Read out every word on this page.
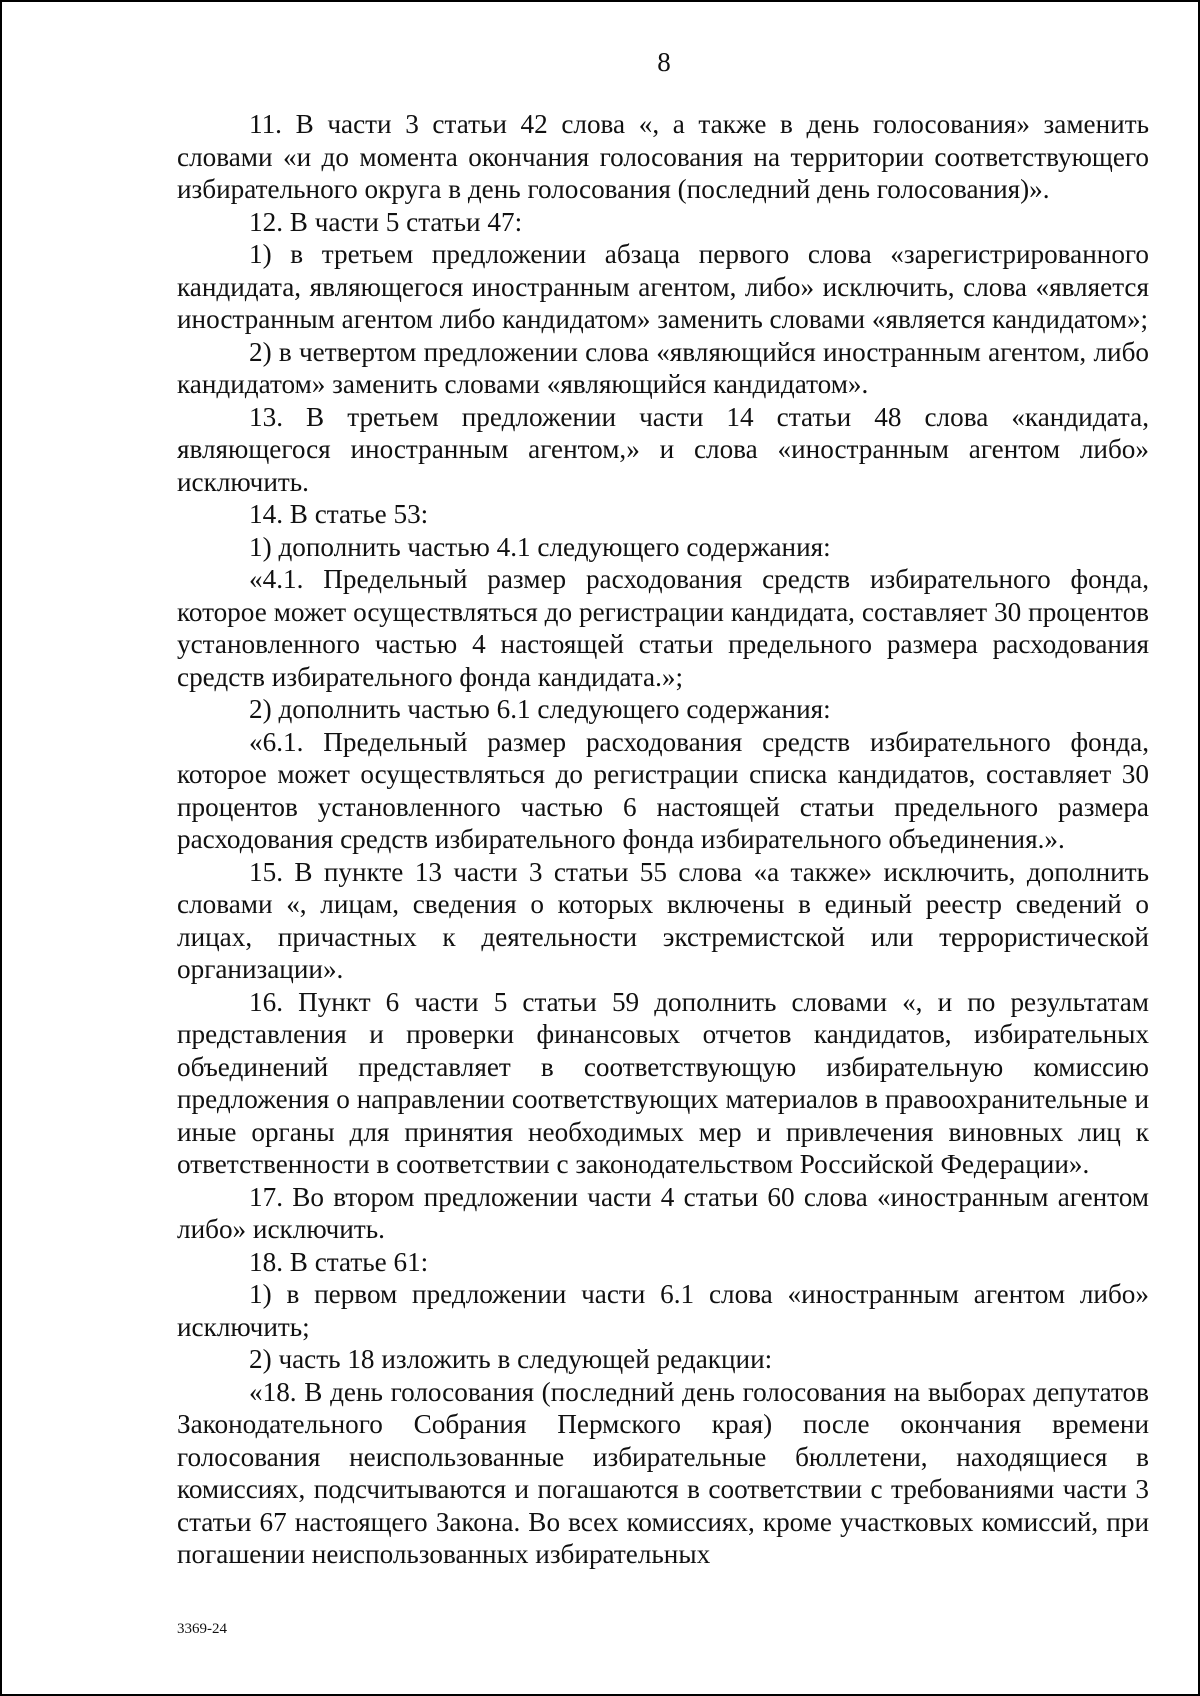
8

11. В части 3 статьи 42 слова «, а также в день голосования» заменить словами «и до момента окончания голосования на территории соответствующего избирательного округа в день голосования (последний день голосования)».

12. В части 5 статьи 47:

1) в третьем предложении абзаца первого слова «зарегистрированного кандидата, являющегося иностранным агентом, либо» исключить, слова «является иностранным агентом либо кандидатом» заменить словами «является кандидатом»;

2) в четвертом предложении слова «являющийся иностранным агентом, либо кандидатом» заменить словами «являющийся кандидатом».

13. В третьем предложении части 14 статьи 48 слова «кандидата, являющегося иностранным агентом,» и слова «иностранным агентом либо» исключить.

14. В статье 53:

1) дополнить частью 4.1 следующего содержания:

«4.1. Предельный размер расходования средств избирательного фонда, которое может осуществляться до регистрации кандидата, составляет 30 процентов установленного частью 4 настоящей статьи предельного размера расходования средств избирательного фонда кандидата.»;

2) дополнить частью 6.1 следующего содержания:

«6.1. Предельный размер расходования средств избирательного фонда, которое может осуществляться до регистрации списка кандидатов, составляет 30 процентов установленного частью 6 настоящей статьи предельного размера расходования средств избирательного фонда избирательного объединения.».

15. В пункте 13 части 3 статьи 55 слова «а также» исключить, дополнить словами «, лицам, сведения о которых включены в единый реестр сведений о лицах, причастных к деятельности экстремистской или террористической организации».

16. Пункт 6 части 5 статьи 59 дополнить словами «, и по результатам представления и проверки финансовых отчетов кандидатов, избирательных объединений представляет в соответствующую избирательную комиссию предложения о направлении соответствующих материалов в правоохранительные и иные органы для принятия необходимых мер и привлечения виновных лиц к ответственности в соответствии с законодательством Российской Федерации».

17. Во втором предложении части 4 статьи 60 слова «иностранным агентом либо» исключить.

18. В статье 61:

1) в первом предложении части 6.1 слова «иностранным агентом либо» исключить;

2) часть 18 изложить в следующей редакции:

«18. В день голосования (последний день голосования на выборах депутатов Законодательного Собрания Пермского края) после окончания времени голосования неиспользованные избирательные бюллетени, находящиеся в комиссиях, подсчитываются и погашаются в соответствии с требованиями части 3 статьи 67 настоящего Закона. Во всех комиссиях, кроме участковых комиссий, при погашении неиспользованных избирательных

3369-24
